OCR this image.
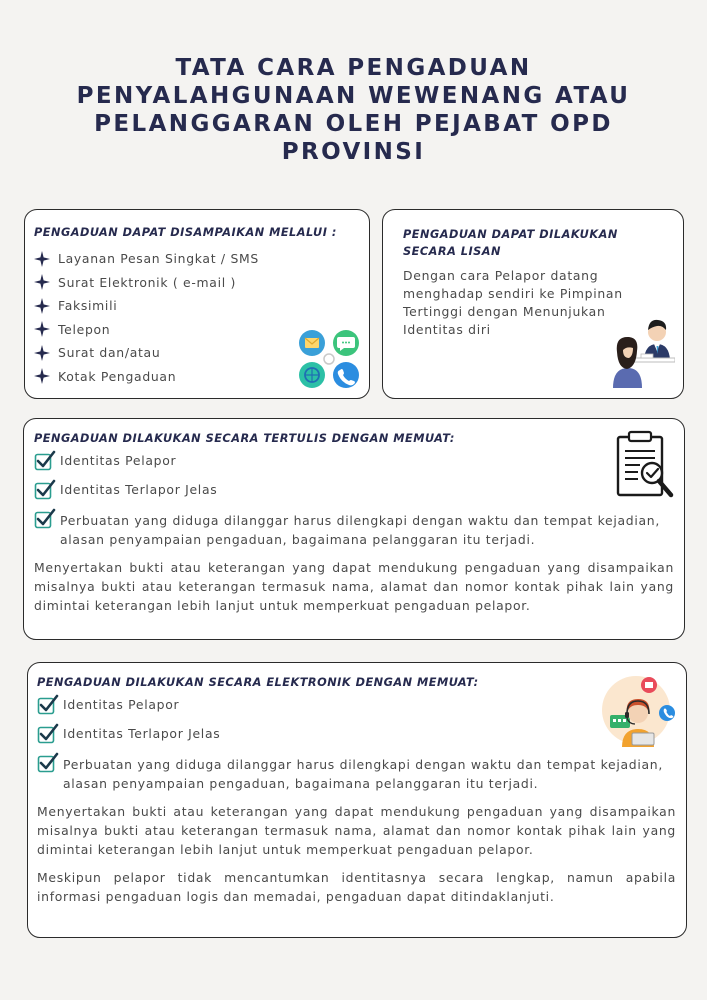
TATA CARA PENGADUAN
PENYALAHGUNAAN WEWENANG ATAU
PELANGGARAN OLEH PEJABAT OPD
PROVINSI
PENGADUAN DAPAT DISAMPAIKAN MELALUI :
Layanan Pesan Singkat / SMS
Surat Elektronik ( e-mail )
Faksimili
Telepon
Surat dan/atau
Kotak Pengaduan
PENGADUAN DAPAT DILAKUKAN
SECARA LISAN
Dengan cara Pelapor datang
menghadap sendiri ke Pimpinan
Tertinggi dengan Menunjukan
Identitas diri
PENGADUAN DILAKUKAN SECARA TERTULIS DENGAN MEMUAT:
Identitas Pelapor
Identitas Terlapor Jelas
Perbuatan yang diduga dilanggar harus dilengkapi dengan waktu dan tempat kejadian, alasan penyampaian pengaduan, bagaimana pelanggaran itu terjadi.
Menyertakan bukti atau keterangan yang dapat mendukung pengaduan yang disampaikan misalnya bukti atau keterangan termasuk nama, alamat dan nomor kontak pihak lain yang dimintai keterangan lebih lanjut untuk memperkuat pengaduan pelapor.
PENGADUAN DILAKUKAN SECARA ELEKTRONIK DENGAN MEMUAT:
Identitas Pelapor
Identitas Terlapor Jelas
Perbuatan yang diduga dilanggar harus dilengkapi dengan waktu dan tempat kejadian, alasan penyampaian pengaduan, bagaimana pelanggaran itu terjadi.
Menyertakan bukti atau keterangan yang dapat mendukung pengaduan yang disampaikan misalnya bukti atau keterangan termasuk nama, alamat dan nomor kontak pihak lain yang dimintai keterangan lebih lanjut untuk memperkuat pengaduan pelapor.
Meskipun pelapor tidak mencantumkan identitasnya secara lengkap, namun apabila informasi pengaduan logis dan memadai, pengaduan dapat ditindaklanjuti.
